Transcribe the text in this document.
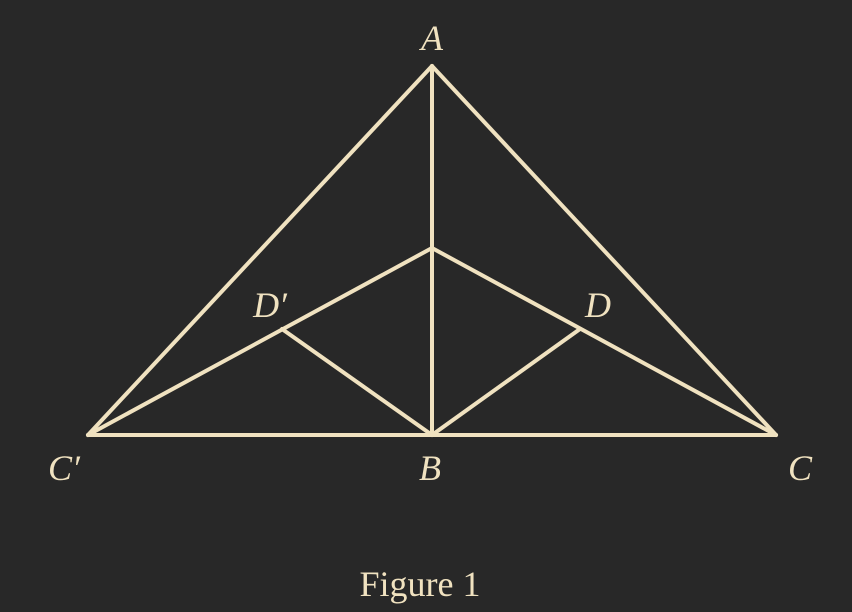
A
B	C
C′
D
D′
Figure 1
